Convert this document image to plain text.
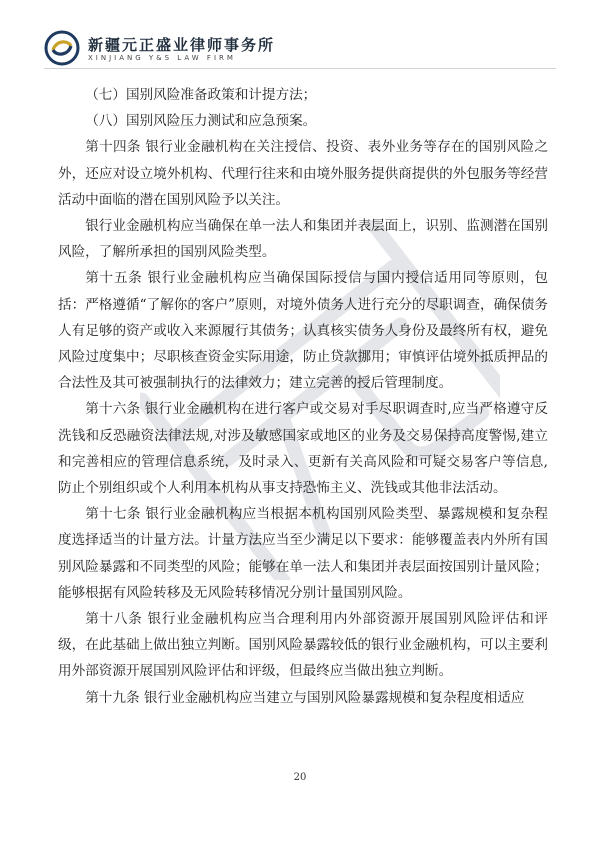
新疆元正盛业律师事务所
XINJIANG Y&S LAW FIRM

（七）国别风险准备政策和计提方法；

（八）国别风险压力测试和应急预案。

第十四条 银行业金融机构在关注授信、投资、表外业务等存在的国别风险之外，还应对设立境外机构、代理行往来和由境外服务提供商提供的外包服务等经营活动中面临的潜在国别风险予以关注。

银行业金融机构应当确保在单一法人和集团并表层面上，识别、监测潜在国别风险，了解所承担的国别风险类型。

第十五条 银行业金融机构应当确保国际授信与国内授信适用同等原则，包括：严格遵循“了解你的客户”原则，对境外债务人进行充分的尽职调查，确保债务人有足够的资产或收入来源履行其债务；认真核实债务人身份及最终所有权，避免风险过度集中；尽职核查资金实际用途，防止贷款挪用；审慎评估境外抵质押品的合法性及其可被强制执行的法律效力；建立完善的授后管理制度。

第十六条 银行业金融机构在进行客户或交易对手尽职调查时,应当严格遵守反洗钱和反恐融资法律法规,对涉及敏感国家或地区的业务及交易保持高度警惕,建立和完善相应的管理信息系统，及时录入、更新有关高风险和可疑交易客户等信息,防止个别组织或个人利用本机构从事支持恐怖主义、洗钱或其他非法活动。

第十七条 银行业金融机构应当根据本机构国别风险类型、暴露规模和复杂程度选择适当的计量方法。计量方法应当至少满足以下要求：能够覆盖表内外所有国别风险暴露和不同类型的风险；能够在单一法人和集团并表层面按国别计量风险；能够根据有风险转移及无风险转移情况分别计量国别风险。

第十八条 银行业金融机构应当合理利用内外部资源开展国别风险评估和评级，在此基础上做出独立判断。国别风险暴露较低的银行业金融机构，可以主要利用外部资源开展国别风险评估和评级，但最终应当做出独立判断。

第十九条 银行业金融机构应当建立与国别风险暴露规模和复杂程度相适应

20
